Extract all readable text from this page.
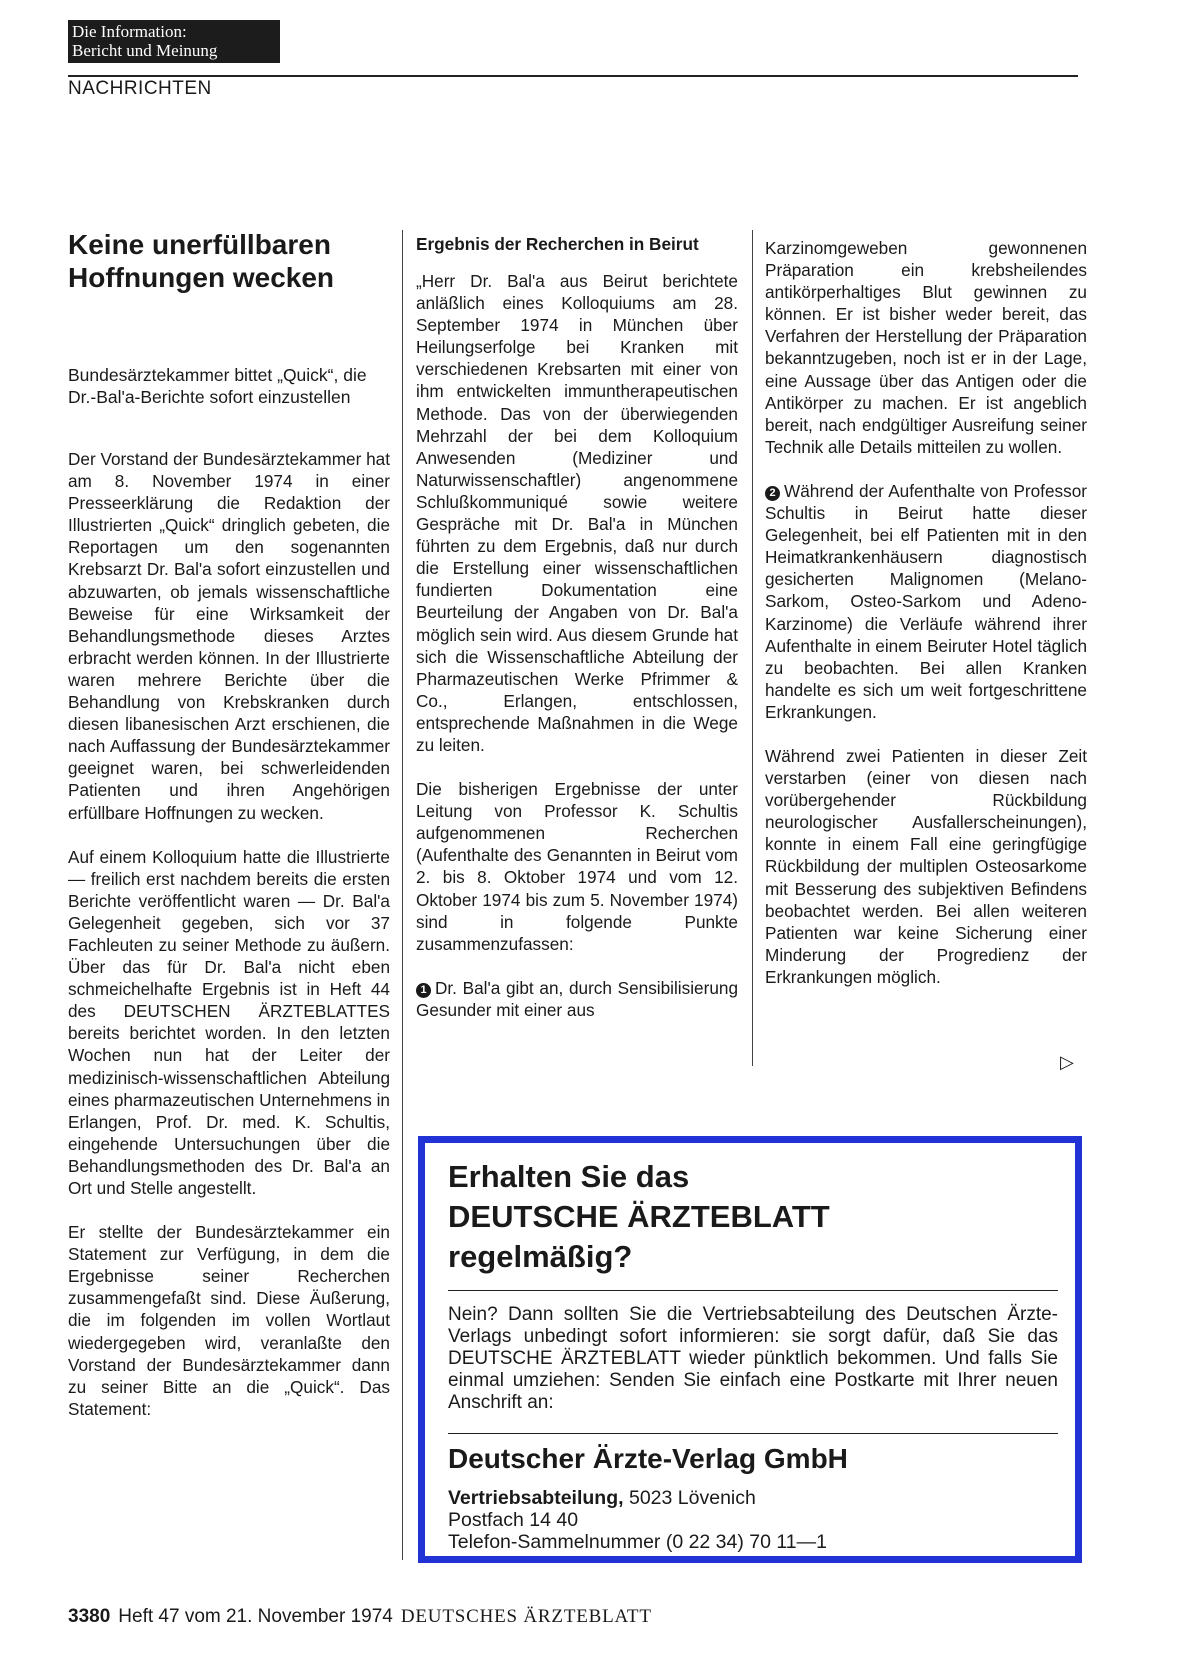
Die Information:
Bericht und Meinung
NACHRICHTEN
Keine unerfüllbaren
Hoffnungen wecken
Bundesärztekammer bittet „Quick“, die Dr.-Bal'a-Berichte sofort einzustellen

Der Vorstand der Bundesärztekammer hat am 8. November 1974 in einer Presseerklärung die Redaktion der Illustrierten „Quick“ dringlich gebeten, die Reportagen um den sogenannten Krebsarzt Dr. Bal'a sofort einzustellen und abzuwarten, ob jemals wissenschaftliche Beweise für eine Wirksamkeit der Behandlungsmethode dieses Arztes erbracht werden können. In der Illustrierte waren mehrere Berichte über die Behandlung von Krebskranken durch diesen libanesischen Arzt erschienen, die nach Auffassung der Bundesärztekammer geeignet waren, bei schwerleidenden Patienten und ihren Angehörigen erfüllbare Hoffnungen zu wecken.

Auf einem Kolloquium hatte die Illustrierte — freilich erst nachdem bereits die ersten Berichte veröffentlicht waren — Dr. Bal'a Gelegenheit gegeben, sich vor 37 Fachleuten zu seiner Methode zu äußern. Über das für Dr. Bal'a nicht eben schmeichelhafte Ergebnis ist in Heft 44 des DEUTSCHEN ÄRZTEBLATTES bereits berichtet worden. In den letzten Wochen nun hat der Leiter der medizinisch-wissenschaftlichen Abteilung eines pharmazeutischen Unternehmens in Erlangen, Prof. Dr. med. K. Schultis, eingehende Untersuchungen über die Behandlungsmethoden des Dr. Bal'a an Ort und Stelle angestellt.

Er stellte der Bundesärztekammer ein Statement zur Verfügung, in dem die Ergebnisse seiner Recherchen zusammengefaßt sind. Diese Äußerung, die im folgenden im vollen Wortlaut wiedergegeben wird, veranlaßte den Vorstand der Bundesärztekammer dann zu seiner Bitte an die „Quick“. Das Statement:

Ergebnis der Recherchen in Beirut

„Herr Dr. Bal'a aus Beirut berichtete anläßlich eines Kolloquiums am 28. September 1974 in München über Heilungserfolge bei Kranken mit verschiedenen Krebsarten mit einer von ihm entwickelten immuntherapeutischen Methode. Das von der überwiegenden Mehrzahl der bei dem Kolloquium Anwesenden (Mediziner und Naturwissenschaftler) angenommene Schlußkommuniqué sowie weitere Gespräche mit Dr. Bal'a in München führten zu dem Ergebnis, daß nur durch die Erstellung einer wissenschaftlichen fundierten Dokumentation eine Beurteilung der Angaben von Dr. Bal'a möglich sein wird. Aus diesem Grunde hat sich die Wissenschaftliche Abteilung der Pharmazeutischen Werke Pfrimmer & Co., Erlangen, entschlossen, entsprechende Maßnahmen in die Wege zu leiten.

Die bisherigen Ergebnisse der unter Leitung von Professor K. Schultis aufgenommenen Recherchen (Aufenthalte des Genannten in Beirut vom 2. bis 8. Oktober 1974 und vom 12. Oktober 1974 bis zum 5. November 1974) sind in folgende Punkte zusammenzufassen:

1 Dr. Bal'a gibt an, durch Sensibilisierung Gesunder mit einer aus

Karzinomgeweben gewonnenen Präparation ein krebsheilendes antikörperhaltiges Blut gewinnen zu können. Er ist bisher weder bereit, das Verfahren der Herstellung der Präparation bekanntzugeben, noch ist er in der Lage, eine Aussage über das Antigen oder die Antikörper zu machen. Er ist angeblich bereit, nach endgültiger Ausreifung seiner Technik alle Details mitteilen zu wollen.

2 Während der Aufenthalte von Professor Schultis in Beirut hatte dieser Gelegenheit, bei elf Patienten mit in den Heimatkrankenhäusern diagnostisch gesicherten Malignomen (Melano-Sarkom, Osteo-Sarkom und Adeno-Karzinome) die Verläufe während ihrer Aufenthalte in einem Beiruter Hotel täglich zu beobachten. Bei allen Kranken handelte es sich um weit fortgeschrittene Erkrankungen.

Während zwei Patienten in dieser Zeit verstarben (einer von diesen nach vorübergehender Rückbildung neurologischer Ausfallerscheinungen), konnte in einem Fall eine geringfügige Rückbildung der multiplen Osteosarkome mit Besserung des subjektiven Befindens beobachtet werden. Bei allen weiteren Patienten war keine Sicherung einer Minderung der Progredienz der Erkrankungen möglich.

▷
Erhalten Sie das
DEUTSCHE ÄRZTEBLATT
regelmäßig?
Nein? Dann sollten Sie die Vertriebsabteilung des Deutschen Ärzte-Verlags unbedingt sofort informieren: sie sorgt dafür, daß Sie das DEUTSCHE ÄRZTEBLATT wieder pünktlich bekommen. Und falls Sie einmal umziehen: Senden Sie einfach eine Postkarte mit Ihrer neuen Anschrift an:
Deutscher Ärzte-Verlag GmbH
Vertriebsabteilung, 5023 Lövenich
Postfach 14 40
Telefon-Sammelnummer (0 22 34) 70 11—1
3380 Heft 47 vom 21. November 1974 DEUTSCHES ÄRZTEBLATT
